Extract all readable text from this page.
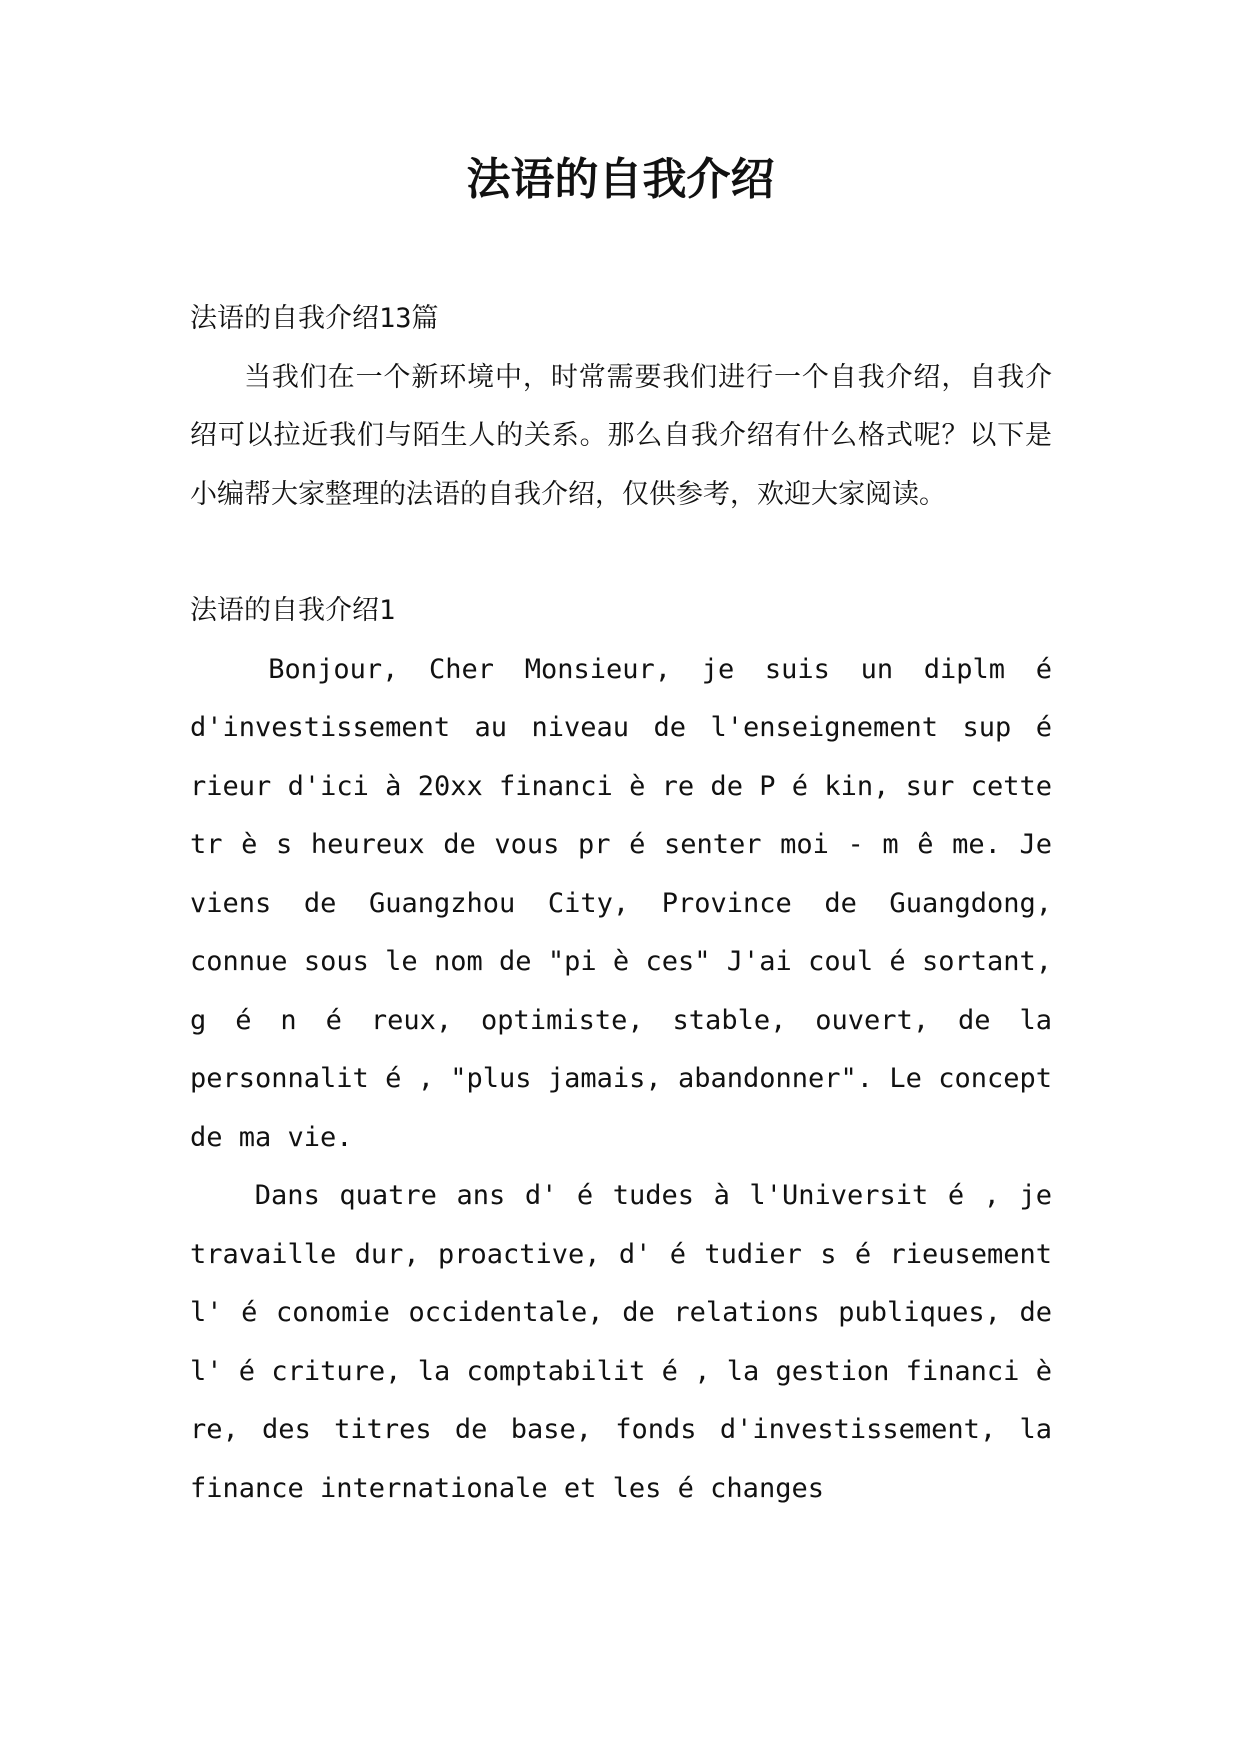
法语的自我介绍

法语的自我介绍13篇

当我们在一个新环境中，时常需要我们进行一个自我介绍，自我介绍可以拉近我们与陌生人的关系。那么自我介绍有什么格式呢？以下是小编帮大家整理的法语的自我介绍，仅供参考，欢迎大家阅读。

法语的自我介绍1

Bonjour, Cher Monsieur, je suis un diplm é d'investissement au niveau de l'enseignement sup é rieur d'ici à 20xx financi è re de P é kin, sur cette tr è s heureux de vous pr é senter moi - m ê me. Je viens de Guangzhou City, Province de Guangdong, connue sous le nom de "pi è ces" J'ai coul é sortant, g é n é reux, optimiste, stable, ouvert, de la personnalit é , "plus jamais, abandonner". Le concept de ma vie.

Dans quatre ans d' é tudes à l'Universit é , je travaille dur, proactive, d' é tudier s é rieusement l' é conomie occidentale, de relations publiques, de l' é criture, la comptabilit é , la gestion financi è re, des titres de base, fonds d'investissement, la finance internationale et les é changes
